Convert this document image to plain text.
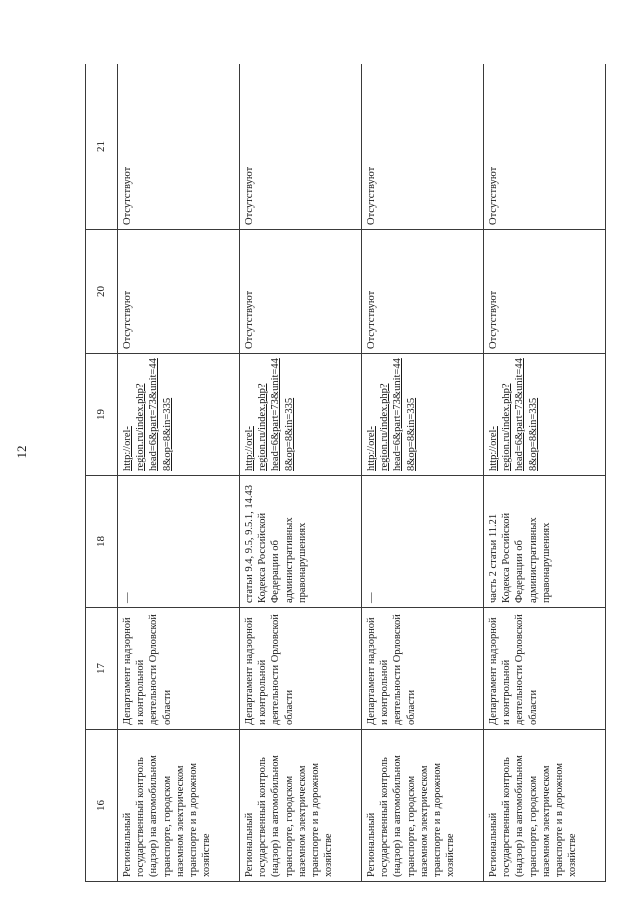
12
16	17	18	19	20	21
Региональный государственный контроль (надзор) на автомобильном транспорте, городском наземном электрическом транспорте и в дорожном хозяйстве	Департамент надзорной и контрольной деятельности Орловской области	—	http://orel-region.ru/index.php?head=6&part=73&unit=448&op=8&in=335	Отсутствуют	Отсутствуют
Региональный государственный контроль (надзор) на автомобильном транспорте, городском наземном электрическом транспорте и в дорожном хозяйстве	Департамент надзорной и контрольной деятельности Орловской области	статьи 9.4, 9.5, 9.5.1, 14.43 Кодекса Российской Федерации об административных правонарушениях	http://orel-region.ru/index.php?head=6&part=73&unit=448&op=8&in=335	Отсутствуют	Отсутствуют
Региональный государственный контроль (надзор) на автомобильном транспорте, городском наземном электрическом транспорте и в дорожном хозяйстве	Департамент надзорной и контрольной деятельности Орловской области	—	http://orel-region.ru/index.php?head=6&part=73&unit=448&op=8&in=335	Отсутствуют	Отсутствуют
Региональный государственный контроль (надзор) на автомобильном транспорте, городском наземном электрическом транспорте и в дорожном хозяйстве	Департамент надзорной и контрольной деятельности Орловской области	часть 2 статьи 11.21 Кодекса Российской Федерации об административных правонарушениях	http://orel-region.ru/index.php?head=6&part=73&unit=448&op=8&in=335	Отсутствуют	Отсутствуют
